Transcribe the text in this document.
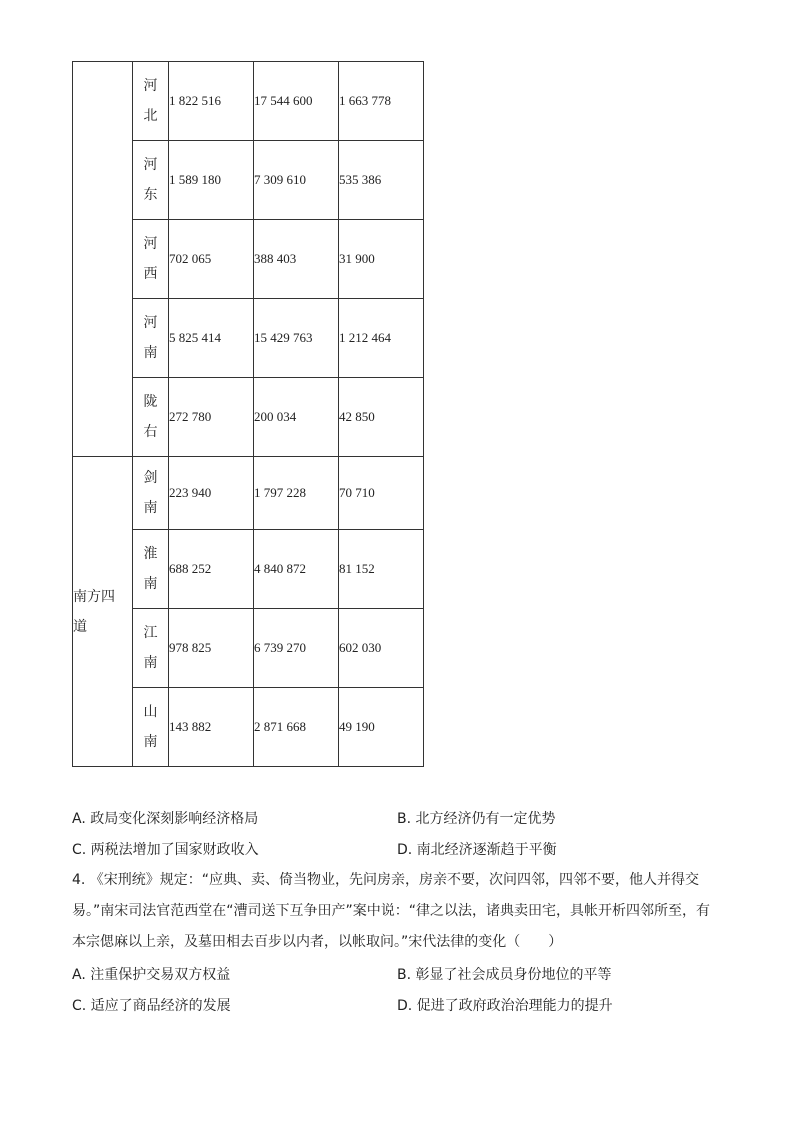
	河北	1 822 516	17 544 600	1 663 778

	河东	1 589 180	7 309 610	535 386

	河西	702 065	388 403	31 900

	河南	5 825 414	15 429 763	1 212 464

	陇右	272 780	200 034	42 850

南方四道	剑南	223 940	1 797 228	70 710

	淮南	688 252	4 840 872	81 152

	江南	978 825	6 739 270	602 030

	山南	143 882	2 871 668	49 190
A. 政局变化深刻影响经济格局	B. 北方经济仍有一定优势
C. 两税法增加了国家财政收入	D. 南北经济逐渐趋于平衡
4. 《宋刑统》规定：“应典、卖、倚当物业，先问房亲，房亲不要，次问四邻，四邻不要，他人并得交易。”南宋司法官范西堂在“漕司送下互争田产”案中说：“律之以法，诸典卖田宅，具帐开析四邻所至，有本宗偲麻以上亲，及墓田相去百步以内者，以帐取问。”宋代法律的变化（　　）
A. 注重保护交易双方权益	B. 彰显了社会成员身份地位的平等
C. 适应了商品经济的发展	D. 促进了政府政治治理能力的提升
